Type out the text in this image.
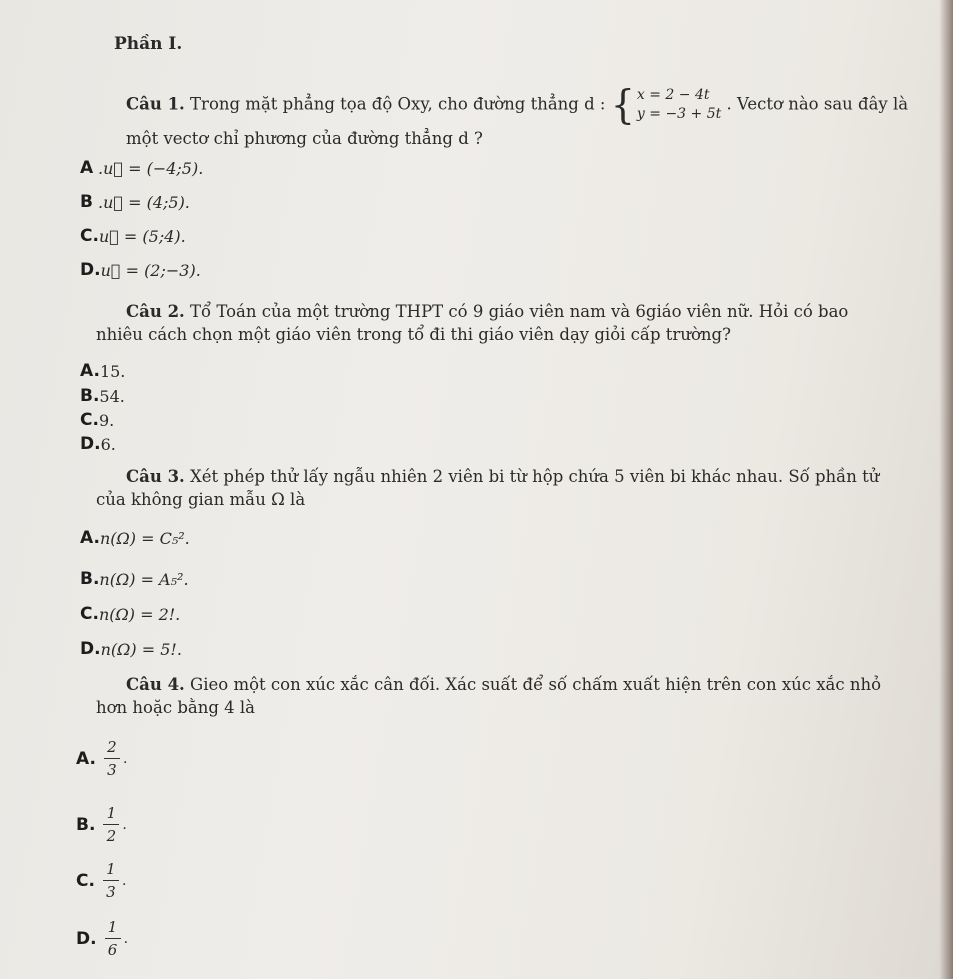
Phần I.
Câu 1. Trong mặt phẳng tọa độ Oxy, cho đường thẳng d : { x = 2 − 4t
y = −3 + 5t
. Vectơ nào sau đây là
một vectơ chỉ phương của đường thẳng d ?
A .u⃗ = (−4;5).
B .u⃗ = (4;5).
C. u⃗ = (5;4).
D. u⃗ = (2;−3).
Câu 2. Tổ Toán của một trường THPT có 9 giáo viên nam và 6giáo viên nữ. Hỏi có bao
nhiêu cách chọn một giáo viên trong tổ đi thi giáo viên dạy giỏi cấp trường?
A. 15.
B. 54.
C. 9.
D. 6.
Câu 3. Xét phép thử lấy ngẫu nhiên 2 viên bi từ hộp chứa 5 viên bi khác nhau. Số phần tử
của không gian mẫu Ω là
A. n(Ω) = C₅².
B. n(Ω) = A₅².
C. n(Ω) = 2!.
D. n(Ω) = 5!.
Câu 4. Gieo một con xúc xắc cân đối. Xác suất để số chấm xuất hiện trên con xúc xắc nhỏ
hơn hoặc bằng 4 là
A. $\frac{2}{3}$ .
B. $\frac{1}{2}$ .
C. $\frac{1}{3}$ .
D. $\frac{1}{6}$ .
